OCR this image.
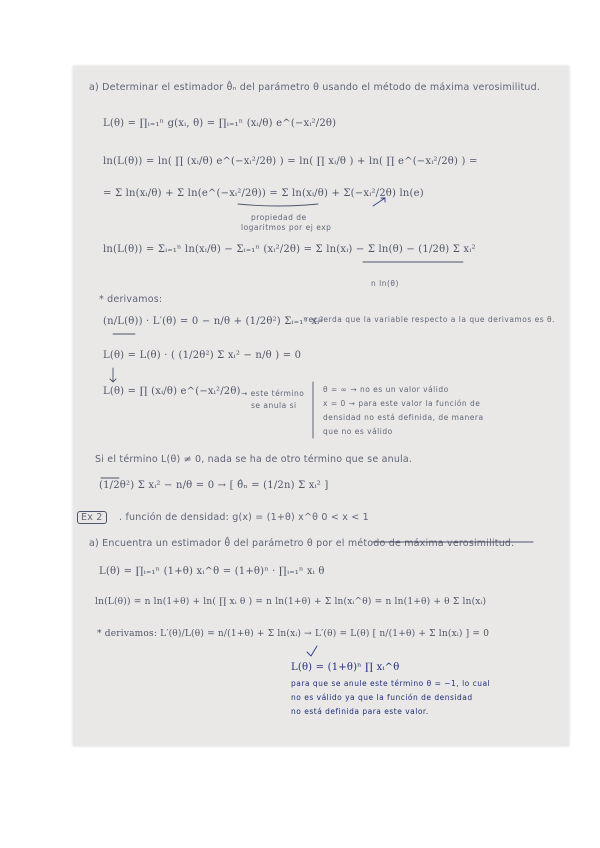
a) Determinar el estimador θ̂ₙ del parámetro θ usando el método de máxima verosimilitud.
L(θ) = ∏ᵢ₌₁ⁿ g(xᵢ, θ) = ∏ᵢ₌₁ⁿ (xᵢ/θ) e^(−xᵢ²/2θ)
ln(L(θ)) = ln( ∏ (xᵢ/θ) e^(−xᵢ²/2θ) ) = ln( ∏ xᵢ/θ ) + ln( ∏ e^(−xᵢ²/2θ) ) =
= Σ ln(xᵢ/θ) + Σ ln(e^(−xᵢ²/2θ)) = Σ ln(xᵢ/θ) + Σ(−xᵢ²/2θ) ln(e)
propiedad de
logaritmos por ej exp
ln(L(θ)) = Σᵢ₌₁ⁿ ln(xᵢ/θ) − Σᵢ₌₁ⁿ (xᵢ²/2θ) = Σ ln(xᵢ) − Σ ln(θ) − (1/2θ) Σ xᵢ²
n ln(θ)
* derivamos:
(n/L(θ)) · L′(θ) = 0 − n/θ + (1/2θ²) Σᵢ₌₁ⁿ xᵢ²
recuerda que la variable respecto a la que derivamos es θ.
L(θ) = L(θ) · ( (1/2θ²) Σ xᵢ² − n/θ ) = 0
L(θ) = ∏ (xᵢ/θ) e^(−xᵢ²/2θ) → este término
se anula si
θ = ∞ → no es un valor válido
x = 0 → para este valor la función de
densidad no está definida, de manera
que no es válido
Si el término L(θ) ≠ 0, nada se ha de otro término que se anula.
(1/2θ²) Σ xᵢ² − n/θ = 0 → [ θ̂ₙ = (1/2n) Σ xᵢ² ]
Ex 2	. función de densidad: g(x) = (1+θ) x^θ 0 < x < 1
a) Encuentra un estimador θ̂ del parámetro θ por el método de máxima verosimilitud.
L(θ) = ∏ᵢ₌₁ⁿ (1+θ) xᵢ^θ = (1+θ)ⁿ · ∏ᵢ₌₁ⁿ xᵢ θ
ln(L(θ)) = n ln(1+θ) + ln( ∏ xᵢ θ ) = n ln(1+θ) + Σ ln(xᵢ^θ) = n ln(1+θ) + θ Σ ln(xᵢ)
* derivamos: L′(θ)/L(θ) = n/(1+θ) + Σ ln(xᵢ) → L′(θ) = L(θ) [ n/(1+θ) + Σ ln(xᵢ) ] = 0
L(θ) = (1+θ)ⁿ ∏ xᵢ^θ
para que se anule este término θ = −1, lo cual
no es válido ya que la función de densidad
no está definida para este valor.
